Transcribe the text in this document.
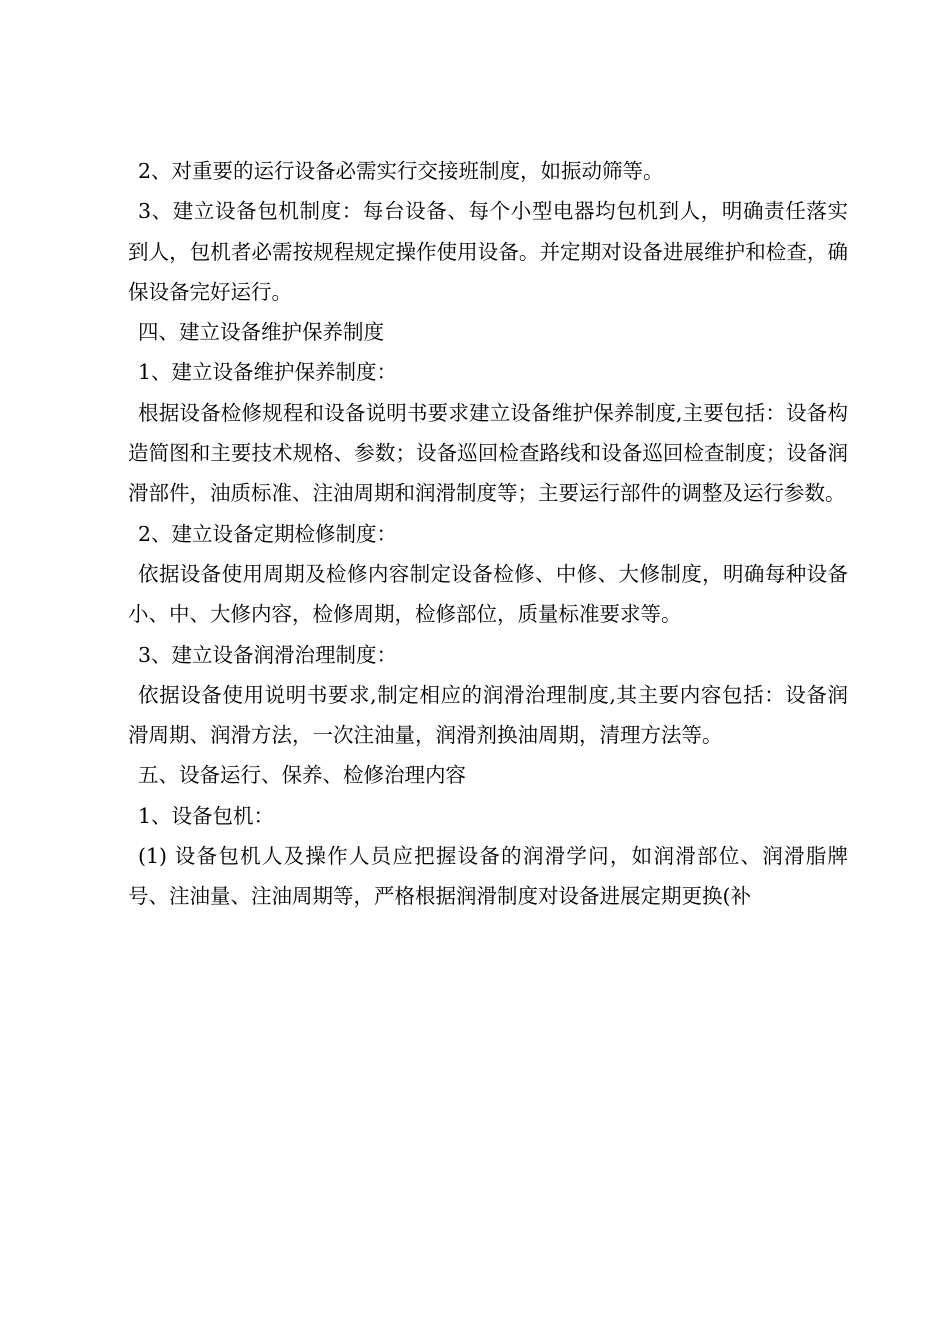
2、对重要的运行设备必需实行交接班制度，如振动筛等。

3、建立设备包机制度：每台设备、每个小型电器均包机到人，明确责任落实到人，包机者必需按规程规定操作使用设备。并定期对设备进展维护和检查，确保设备完好运行。

四、建立设备维护保养制度

1、建立设备维护保养制度：

根据设备检修规程和设备说明书要求建立设备维护保养制度,主要包括：设备构造简图和主要技术规格、参数；设备巡回检查路线和设备巡回检查制度；设备润滑部件，油质标准、注油周期和润滑制度等；主要运行部件的调整及运行参数。

2、建立设备定期检修制度：

依据设备使用周期及检修内容制定设备检修、中修、大修制度，明确每种设备小、中、大修内容，检修周期，检修部位，质量标准要求等。

3、建立设备润滑治理制度：

依据设备使用说明书要求,制定相应的润滑治理制度,其主要内容包括：设备润滑周期、润滑方法，一次注油量，润滑剂换油周期，清理方法等。

五、设备运行、保养、检修治理内容

1、设备包机：

(1) 设备包机人及操作人员应把握设备的润滑学问，如润滑部位、润滑脂牌号、注油量、注油周期等，严格根据润滑制度对设备进展定期更换(补
